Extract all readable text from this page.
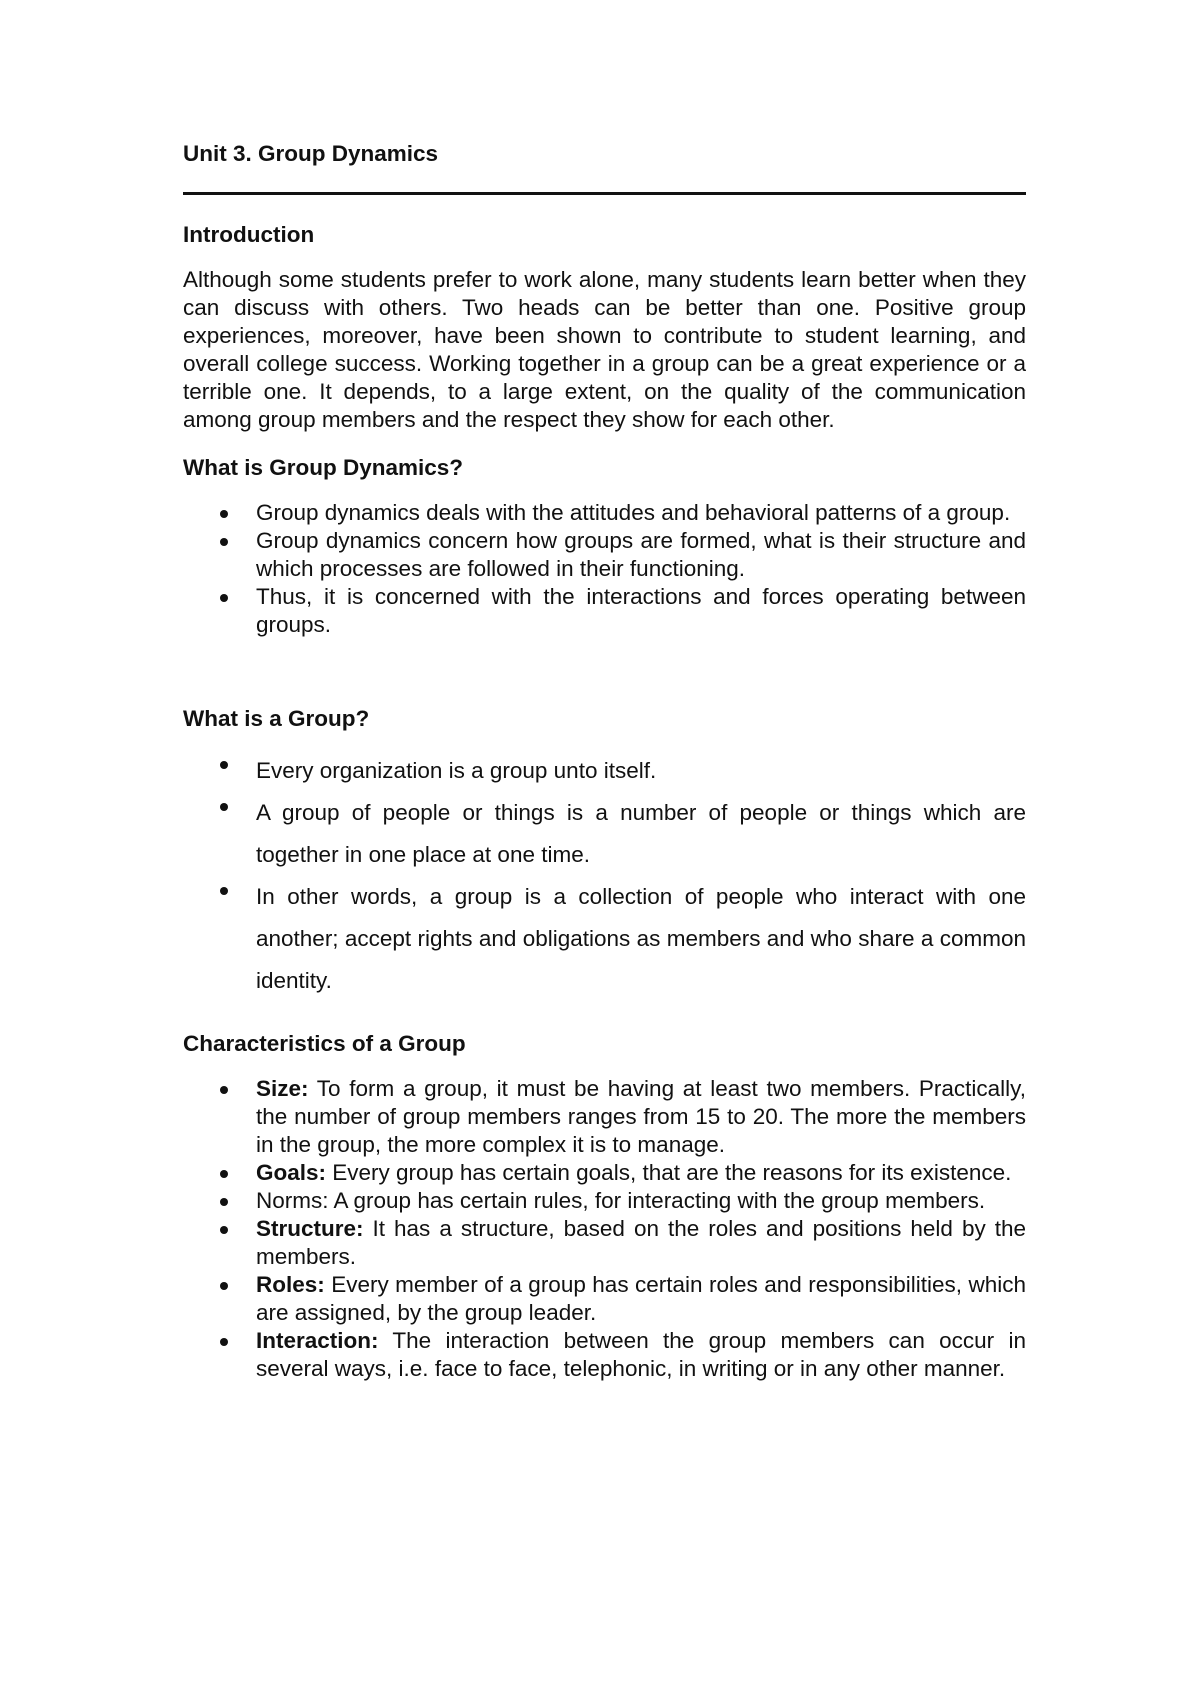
Unit 3. Group Dynamics
Introduction
Although some students prefer to work alone, many students learn better when they can discuss with others. Two heads can be better than one. Positive group experiences, moreover, have been shown to contribute to student learning, and overall college success. Working together in a group can be a great experience or a terrible one. It depends, to a large extent, on the quality of the communication among group members and the respect they show for each other.
What is Group Dynamics?
Group dynamics deals with the attitudes and behavioral patterns of a group.
Group dynamics concern how groups are formed, what is their structure and which processes are followed in their functioning.
Thus, it is concerned with the interactions and forces operating between groups.
What is a Group?
Every organization is a group unto itself.
A group of people or things is a number of people or things which are together in one place at one time.
In other words, a group is a collection of people who interact with one another; accept rights and obligations as members and who share a common identity.
Characteristics of a Group
Size: To form a group, it must be having at least two members. Practically, the number of group members ranges from 15 to 20. The more the members in the group, the more complex it is to manage.
Goals: Every group has certain goals, that are the reasons for its existence.
Norms: A group has certain rules, for interacting with the group members.
Structure: It has a structure, based on the roles and positions held by the members.
Roles: Every member of a group has certain roles and responsibilities, which are assigned, by the group leader.
Interaction: The interaction between the group members can occur in several ways, i.e. face to face, telephonic, in writing or in any other manner.
